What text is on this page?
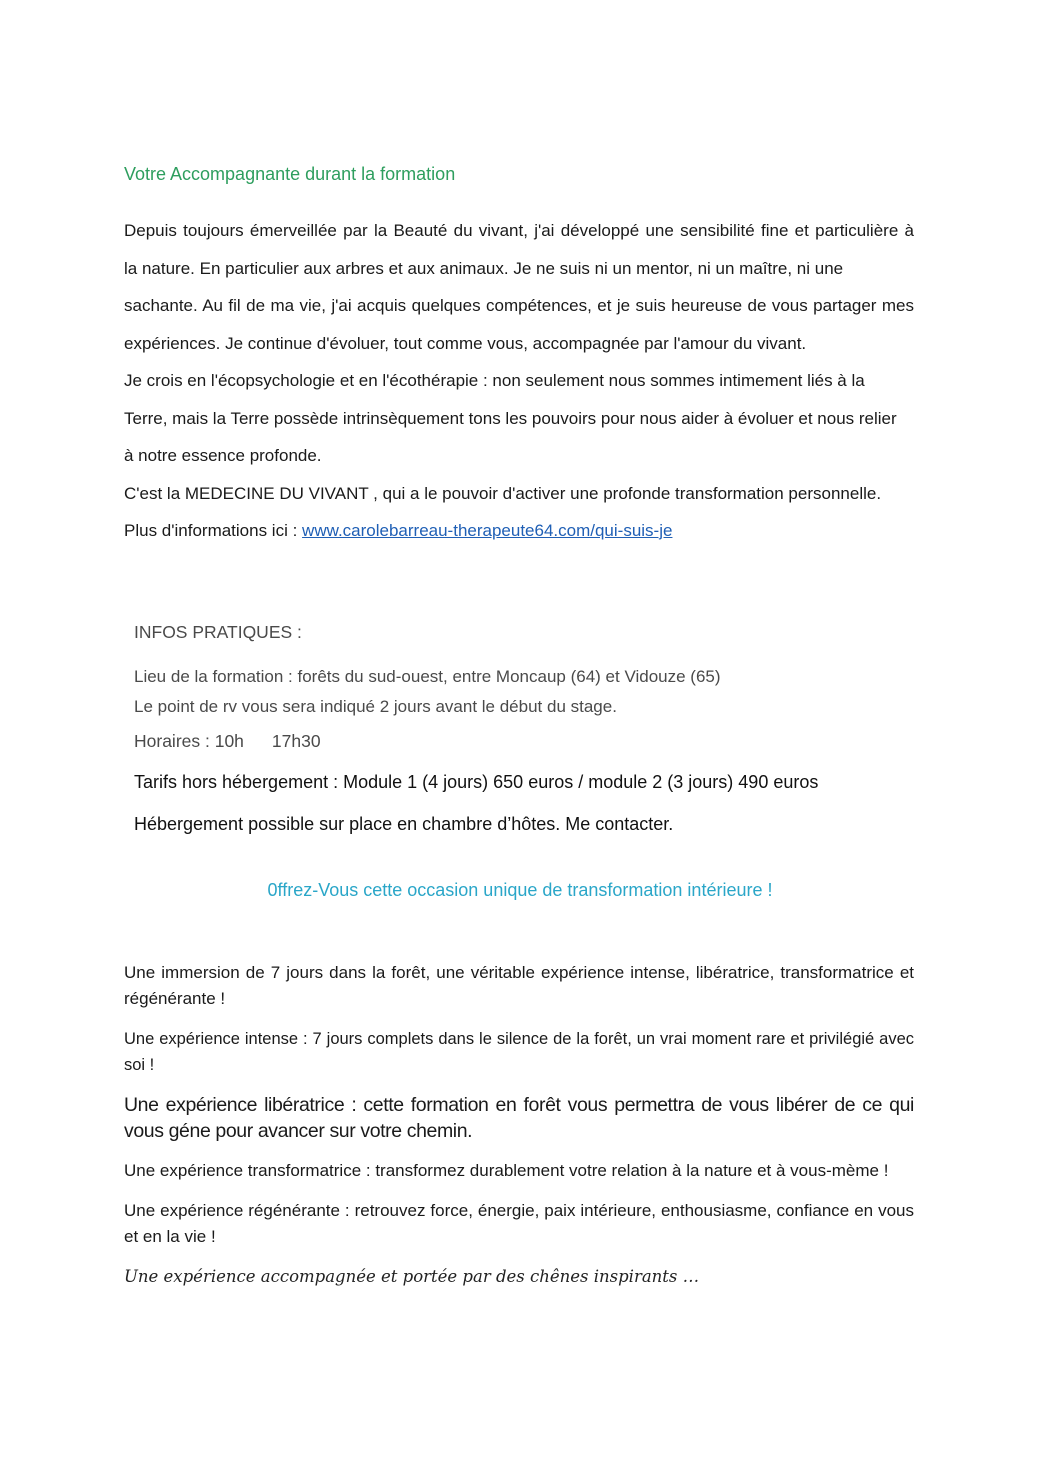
Votre Accompagnante durant la formation

Depuis toujours émerveillée par la Beauté du vivant, j'ai développé une sensibilité fine et particulière à

la nature. En particulier aux arbres et aux animaux. Je ne suis ni un mentor, ni un maître, ni une

sachante. Au fil de ma vie, j'ai acquis quelques compétences, et je suis heureuse de vous partager mes

expériences. Je continue d'évoluer, tout comme vous, accompagnée par l'amour du vivant.

Je crois en l'écopsychologie et en l'écothérapie : non seulement nous sommes intimement liés à la

Terre, mais la Terre possède intrinsèquement tons les pouvoirs pour nous aider à évoluer et nous relier

à notre essence profonde.

C'est la MEDECINE DU VIVANT , qui a le pouvoir d'activer une profonde transformation personnelle.

Plus d'informations ici : www.carolebarreau-therapeute64.com/qui-suis-je

INFOS PRATIQUES :

Lieu de la formation : forêts du sud-ouest, entre Moncaup (64) et Vidouze (65)

Le point de rv vous sera indiqué 2 jours avant le début du stage.

Horaires : 10h 17h30
Tarifs hors hébergement : Module 1 (4 jours) 650 euros / module 2 (3 jours) 490 euros
Hébergement possible sur place en chambre d’hôtes. Me contacter.
0ffrez-Vous cette occasion unique de transformation intérieure !

Une immersion de 7 jours dans la forêt, une véritable expérience intense, libératrice, transformatrice et régénérante !

Une expérience intense : 7 jours complets dans le silence de la forêt, un vrai moment rare et privilégié avec soi !

Une expérience libératrice : cette formation en forêt vous permettra de vous libérer de ce qui vous géne pour avancer sur votre chemin.

Une expérience transformatrice : transformez durablement votre relation à la nature et à vous-mème !

Une expérience régénérante : retrouvez force, énergie, paix intérieure, enthousiasme, confiance en vous et en la vie !

Une expérience accompagnée et portée par des chênes inspirants …
